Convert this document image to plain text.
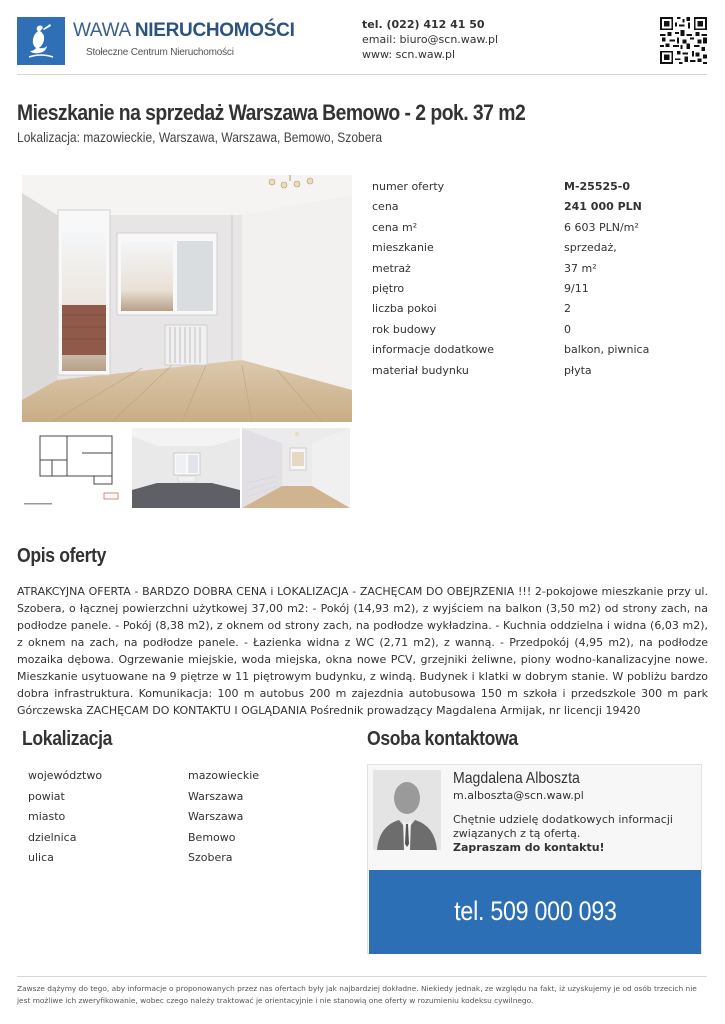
WAWA NIERUCHOMOŚCI
Stołeczne Centrum Nieruchomości
tel. (022) 412 41 50
email: biuro@scn.waw.pl
www: scn.waw.pl
Mieszkanie na sprzedaż Warszawa Bemowo - 2 pok. 37 m2
Lokalizacja: mazowieckie, Warszawa, Warszawa, Bemowo, Szobera
numer oferty	M-25525-0
cena	241 000 PLN
cena m²	6 603 PLN/m²
mieszkanie	sprzedaż,
metraż	37 m²
piętro	9/11
liczba pokoi	2
rok budowy	0
informacje dodatkowe	balkon, piwnica
materiał budynku	płyta
Opis oferty

ATRAKCYJNA OFERTA - BARDZO DOBRA CENA i LOKALIZACJA - ZACHĘCAM DO OBEJRZENIA !!! 2-pokojowe mieszkanie przy ul. Szobera, o łącznej powierzchni użytkowej 37,00 m2: - Pokój (14,93 m2), z wyjściem na balkon (3,50 m2) od strony zach, na podłodze panele. - Pokój (8,38 m2), z oknem od strony zach, na podłodze wykładzina. - Kuchnia oddzielna i widna (6,03 m2), z oknem na zach, na podłodze panele. - Łazienka widna z WC (2,71 m2), z wanną. - Przedpokój (4,95 m2), na podłodze mozaika dębowa. Ogrzewanie miejskie, woda miejska, okna nowe PCV, grzejniki żeliwne, piony wodno-kanalizacyjne nowe. Mieszkanie usytuowane na 9 piętrze w 11 piętrowym budynku, z windą. Budynek i klatki w dobrym stanie. W pobliżu bardzo dobra infrastruktura. Komunikacja: 100 m autobus 200 m zajezdnia autobusowa 150 m szkoła i przedszkole 300 m park Górczewska ZACHĘCAM DO KONTAKTU I OGLĄDANIA Pośrednik prowadzący Magdalena Armijak, nr licencji 19420

Lokalizacja
województwo	mazowieckie
powiat	Warszawa
miasto	Warszawa
dzielnica	Bemowo
ulica	Szobera
Osoba kontaktowa
Magdalena Alboszta
m.alboszta@scn.waw.pl
Chętnie udzielę dodatkowych informacji związanych z tą ofertą.
Zapraszam do kontaktu!
tel. 509 000 093

Zawsze dążymy do tego, aby informacje o proponowanych przez nas ofertach były jak najbardziej dokładne. Niekiedy jednak, ze względu na fakt, iż uzyskujemy je od osób trzecich nie jest możliwe ich zweryfikowanie, wobec czego należy traktować je orientacyjnie i nie stanowią one oferty w rozumieniu kodeksu cywilnego.
